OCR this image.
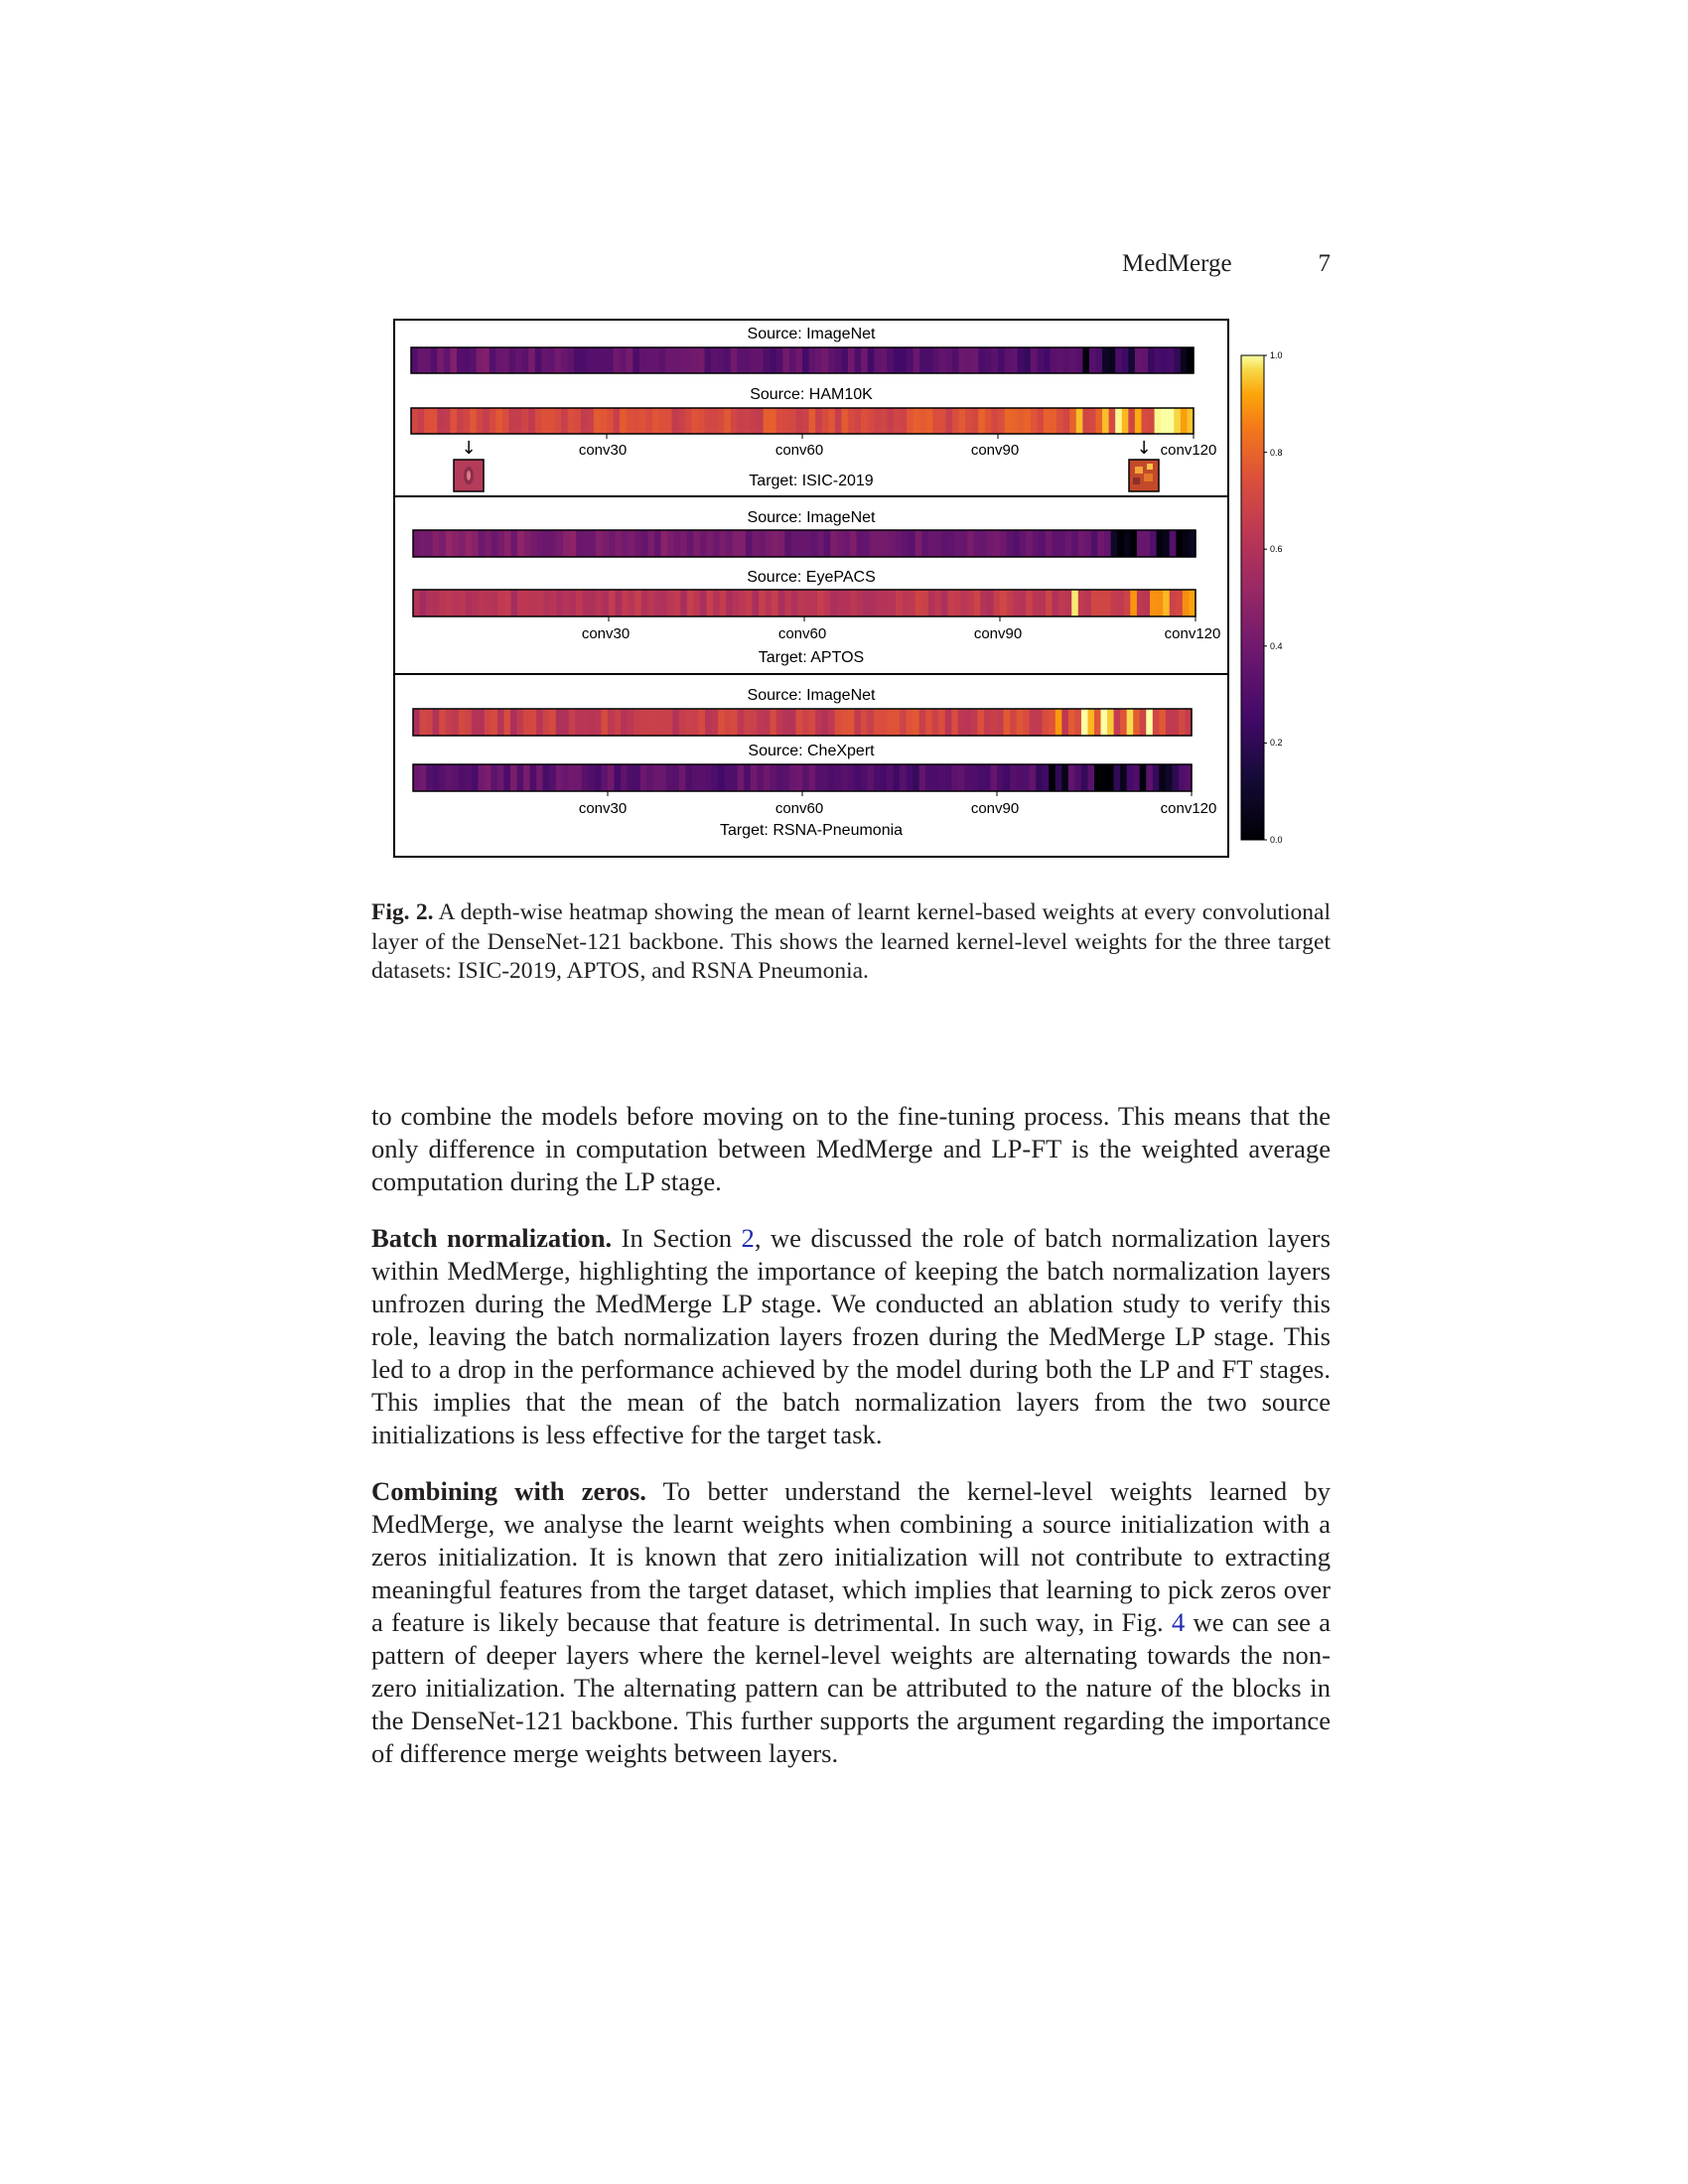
MedMerge	7
Source: ImageNet
Source: HAM10K
conv30	conv60	conv90	conv120
↓	↓
Target: ISIC-2019
Source: ImageNet
Source: EyePACS
conv30	conv60	conv90	conv120
Target: APTOS
Source: ImageNet
Source: CheXpert
conv30	conv60	conv90	conv120
Target: RSNA-Pneumonia
1.0
0.8
0.6
0.4
0.2
0.0
Fig. 2. A depth-wise heatmap showing the mean of learnt kernel-based weights at every convolutional layer of the DenseNet-121 backbone. This shows the learned kernel-level weights for the three target datasets: ISIC-2019, APTOS, and RSNA Pneumonia.

to combine the models before moving on to the fine-tuning process. This means that the only difference in computation between MedMerge and LP-FT is the weighted average computation during the LP stage.

Batch normalization. In Section 2, we discussed the role of batch normalization layers within MedMerge, highlighting the importance of keeping the batch normalization layers unfrozen during the MedMerge LP stage. We conducted an ablation study to verify this role, leaving the batch normalization layers frozen during the MedMerge LP stage. This led to a drop in the performance achieved by the model during both the LP and FT stages. This implies that the mean of the batch normalization layers from the two source initializations is less effective for the target task.

Combining with zeros. To better understand the kernel-level weights learned by MedMerge, we analyse the learnt weights when combining a source initialization with a zeros initialization. It is known that zero initialization will not contribute to extracting meaningful features from the target dataset, which implies that learning to pick zeros over a feature is likely because that feature is detrimental. In such way, in Fig. 4 we can see a pattern of deeper layers where the kernel-level weights are alternating towards the non-zero initialization. The alternating pattern can be attributed to the nature of the blocks in the DenseNet-121 backbone. This further supports the argument regarding the importance of difference merge weights between layers.
